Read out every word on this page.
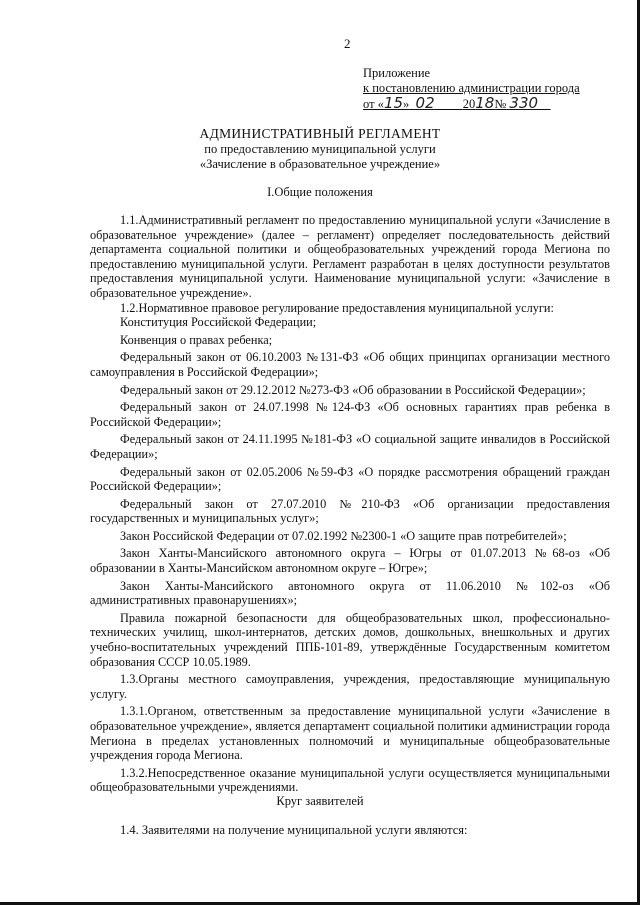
2
Приложение
к постановлению администрации города
от «15» 02 2018№ 330
АДМИНИСТРАТИВНЫЙ РЕГЛАМЕНТ
по предоставлению муниципальной услуги
«Зачисление в образовательное учреждение»
I.Общие положения

1.1.Административный регламент по предоставлению муниципальной услуги «Зачисление в образовательное учреждение» (далее – регламент) определяет последовательность действий департамента социальной политики и общеобразовательных учреждений города Мегиона по предоставлению муниципальной услуги. Регламент разработан в целях доступности результатов предоставления муниципальной услуги. Наименование муниципальной услуги: «Зачисление в образовательное учреждение».

1.2.Нормативное правовое регулирование предоставления муниципальной услуги:

Конституция Российской Федерации;

Конвенция о правах ребенка;

Федеральный закон от 06.10.2003 №131-ФЗ «Об общих принципах организации местного самоуправления в Российской Федерации»;

Федеральный закон от 29.12.2012 №273-ФЗ «Об образовании в Российской Федерации»;

Федеральный закон от 24.07.1998 №124-ФЗ «Об основных гарантиях прав ребенка в Российской Федерации»;

Федеральный закон от 24.11.1995 №181-ФЗ «О социальной защите инвалидов в Российской Федерации»;

Федеральный закон от 02.05.2006 №59-ФЗ «О порядке рассмотрения обращений граждан Российской Федерации»;

Федеральный закон от 27.07.2010 №210-ФЗ «Об организации предоставления государственных и муниципальных услуг»;

Закон Российской Федерации от 07.02.1992 №2300-1 «О защите прав потребителей»;

Закон Ханты-Мансийского автономного округа – Югры от 01.07.2013 №68-оз «Об образовании в Ханты-Мансийском автономном округе – Югре»;

Закон Ханты-Мансийского автономного округа от 11.06.2010 №102-оз «Об административных правонарушениях»;

Правила пожарной безопасности для общеобразовательных школ, профессионально-технических училищ, школ-интернатов, детских домов, дошкольных, внешкольных и других учебно-воспитательных учреждений ППБ-101-89, утверждённые Государственным комитетом образования СССР 10.05.1989.

1.3.Органы местного самоуправления, учреждения, предоставляющие муниципальную услугу.

1.3.1.Органом, ответственным за предоставление муниципальной услуги «Зачисление в образовательное учреждение», является департамент социальной политики администрации города Мегиона в пределах установленных полномочий и муниципальные общеобразовательные учреждения города Мегиона.

1.3.2.Непосредственное оказание муниципальной услуги осуществляется муниципальными общеобразовательными учреждениями.

Круг заявителей
1.4. Заявителями на получение муниципальной услуги являются:
